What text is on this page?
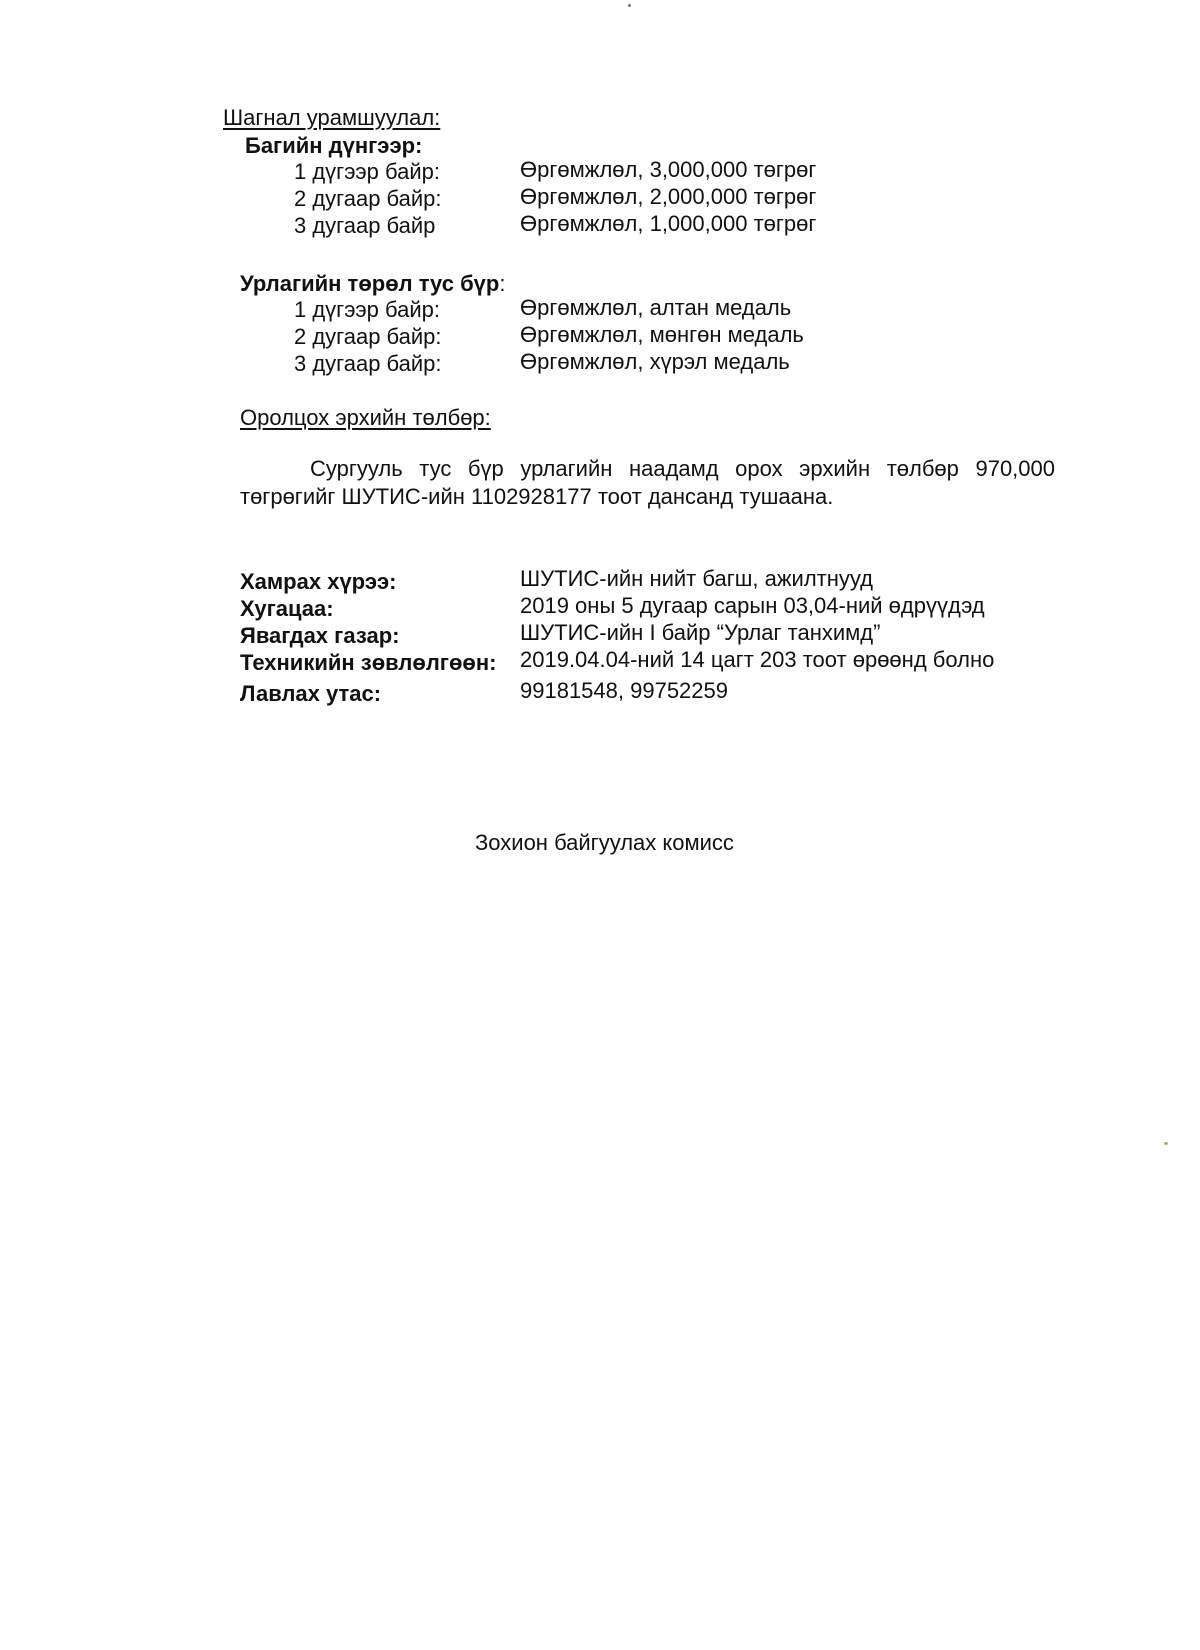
Шагнал урамшуулал:
Багийн дүнгээр:
1 дүгээр байр:	Өргөмжлөл, 3,000,000 төгрөг
2 дугаар байр:	Өргөмжлөл, 2,000,000 төгрөг
3 дугаар байр	Өргөмжлөл, 1,000,000 төгрөг
Урлагийн төрөл тус бүр:
1 дүгээр байр:	Өргөмжлөл, алтан медаль
2 дугаар байр:	Өргөмжлөл, мөнгөн медаль
3 дугаар байр:	Өргөмжлөл, хүрэл медаль
Оролцох эрхийн төлбөр:
Сургууль тус бүр урлагийн наадамд орох эрхийн төлбөр 970,000 төгрөгийг ШУТИС-ийн 1102928177 тоот дансанд тушаана.
Хамрах хүрээ:	ШУТИС-ийн нийт багш, ажилтнууд
Хугацаа:	2019 оны 5 дугаар сарын 03,04-ний өдрүүдэд
Явагдах газар:	ШУТИС-ийн I байр “Урлаг танхимд”
Техникийн зөвлөлгөөн: 2019.04.04-ний 14 цагт 203 тоот өрөөнд болно
Лавлах утас:	99181548, 99752259
Зохион байгуулах комисс
